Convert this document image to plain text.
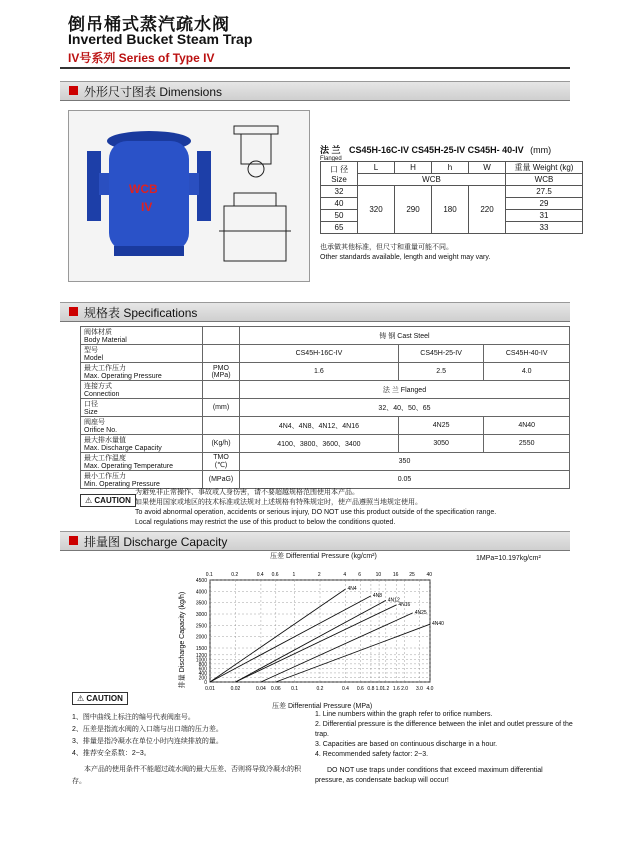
倒吊桶式蒸汽疏水阀
Inverted Bucket Steam Trap
IV号系列 Series of Type IV
外形尺寸图表 Dimensions
WCB
IV
法 兰 CS45H-16C-IV CS45H-25-IV CS45H- 40-IV (mm)
Flanged
口 径
Size	L	H	h	W	重量 Weight (kg)
	WCB				WCB
32	320	290	180	220	27.5
40					29
50					31
65					33
也承做其他标准，但尺寸和重量可能不同。
Other standards available, length and weight may vary.
规格表 Specifications
阀体材质
Body Material		铸 钢 Cast Steel		

型号
Model		CS45H-16C-IV	CS45H-25-IV	CS45H-40-IV

最大工作压力
Max. Operating Pressure	PMO (MPa)	1.6	2.5	4.0

连接方式
Connection		法 兰 Flanged		

口径
Size	(mm)	32、40、50、65		

阀座号
Orifice No.		4N4、4N8、4N12、4N16	4N25	4N40

最大排水量值
Max. Discharge Capacity	(Kg/h)	4100、3800、3600、3400	3050	2550

最大工作温度
Max. Operating Temperature	TMO (℃)	350		

最小工作压力
Min. Operating Pressure	(MPaG)	0.05		
⚠ CAUTION
为避免非正常操作、事故或人身伤害，请不要超越规格范围使用本产品。
如果使用国家或地区的技术标准或法规对上述规格有特殊规定时，使产品遵照当地规定使用。
To avoid abnormal operation, accidents or serious injury, DO NOT use this product outside of the specification range.
Local regulations may restrict the use of this product to below the conditions quoted.
排量图 Discharge Capacity
压差 Differential Pressure (kg/cm²)	1MPa=10.197kg/cm²
排量 Discharge Capacity (kg/h)	0
200
400
600
800
1000
1200
1500
2000
2500
3000
3500
4000
4500
0.01	0.02	0.04 0.06 0.1	0.2	0.4 0.6 0.8 1.0 1.2 1.6 2.0 3.0 4.0
0.1	0.2	0.4 0.6	1	2	4 6	10 16 25 40
4N4
4N8
4N12
4N16
4N25
4N40
压差 Differential Pressure (MPa)
⚠ CAUTION
1、图中曲线上标注的编号代表阀座号。
2、压差是指流水阀的入口端与出口端的压力差。
3、排量是指冷凝水在单位小时内连续排放的量。
4、推荐安全系数：2~3。
本产品的使用条件不能超过疏水阀的最大压差、否则将导致冷凝水的积存。
1. Line numbers within the graph refer to orifice numbers.
2. Differential pressure is the difference between the inlet and outlet pressure of the trap.
3. Capacities are based on continuous discharge in a hour.
4. Recommended safety factor: 2~3.
DO NOT use traps under conditions that exceed maximum differential pressure, as condensate backup will occur!
